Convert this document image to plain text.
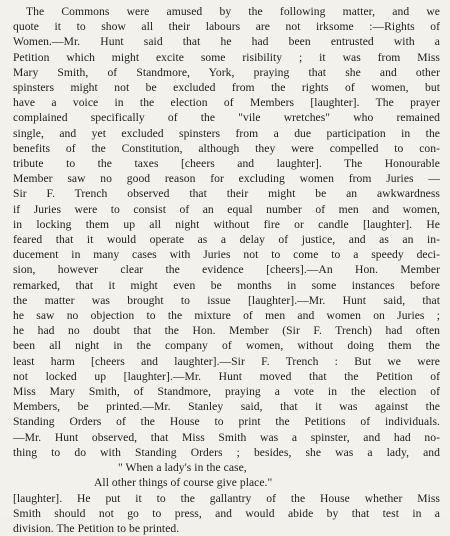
The Commons were amused by the following matter, and we
quote it to show all their labours are not irksome :—Rights of
Women.—Mr. Hunt said that he had been entrusted with a
Petition which might excite some risibility ; it was from Miss
Mary Smith, of Standmore, York, praying that she and other
spinsters might not be excluded from the rights of women, but
have a voice in the election of Members [laughter]. The prayer
complained specifically of the "vile wretches" who remained
single, and yet excluded spinsters from a due participation in the
benefits of the Constitution, although they were compelled to con-
tribute to the taxes [cheers and laughter]. The Honourable
Member saw no good reason for excluding women from Juries —
Sir F. Trench observed that their might be an awkwardness
if Juries were to consist of an equal number of men and women,
in locking them up all night without fire or candle [laughter]. He
feared that it would operate as a delay of justice, and as an in-
ducement in many cases with Juries not to come to a speedy deci-
sion, however clear the evidence [cheers].—An Hon. Member
remarked, that it might even be months in some instances before
the matter was brought to issue [laughter].—Mr. Hunt said, that
he saw no objection to the mixture of men and women on Juries ;
he had no doubt that the Hon. Member (Sir F. Trench) had often
been all night in the company of women, without doing them the
least harm [cheers and laughter].—Sir F. Trench : But we were
not locked up [laughter].—Mr. Hunt moved that the Petition of
Miss Mary Smith, of Standmore, praying a vote in the election of
Members, be printed.—Mr. Stanley said, that it was against the
Standing Orders of the House to print the Petitions of individuals.
—Mr. Hunt observed, that Miss Smith was a spinster, and had no-
thing to do with Standing Orders ; besides, she was a lady, and
" When a lady's in the case,
All other things of course give place."
[laughter]. He put it to the gallantry of the House whether Miss
Smith should not go to press, and would abide by that test in a
division. The Petition to be printed.
